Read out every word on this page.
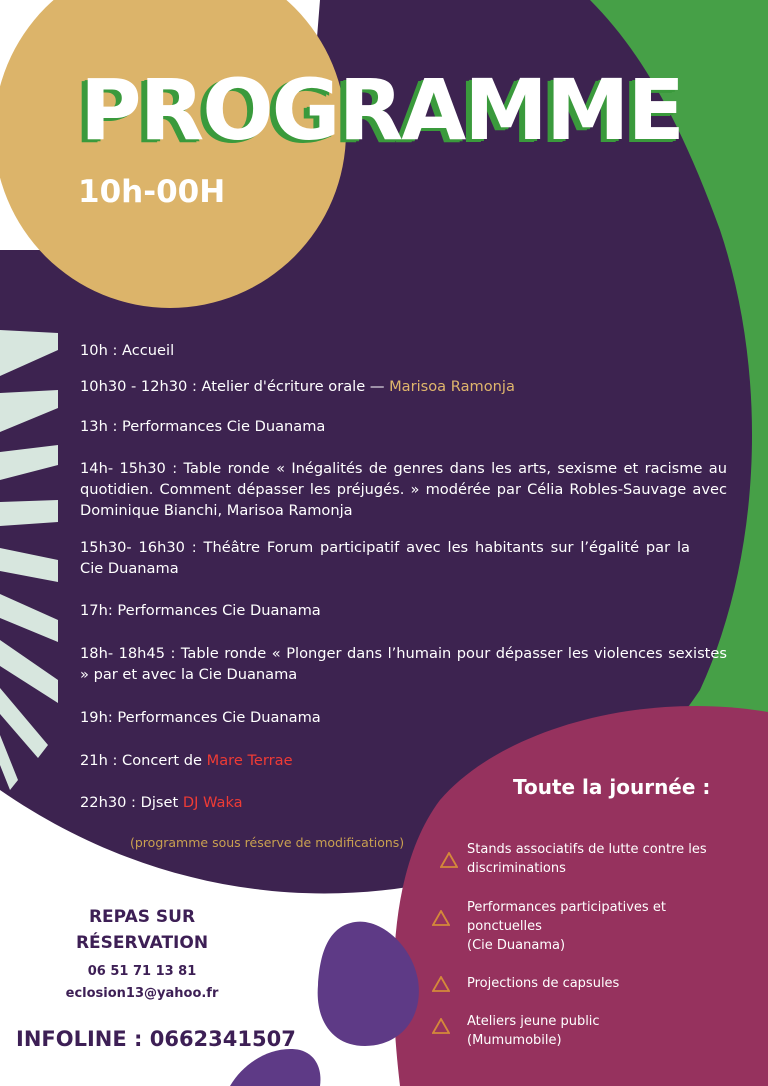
PROGRAMME
10h-00H
10h : Accueil
10h30 - 12h30 : Atelier d'écriture orale — Marisoa Ramonja
13h : Performances Cie Duanama
14h- 15h30 : Table ronde « Inégalités de genres dans les arts, sexisme et racisme au quotidien. Comment dépasser les préjugés. » modérée par Célia Robles-Sauvage avec Dominique Bianchi, Marisoa Ramonja
15h30- 16h30 : Théâtre Forum participatif avec les habitants sur l’égalité par la Cie Duanama
17h: Performances Cie Duanama
18h- 18h45 : Table ronde « Plonger dans l’humain pour dépasser les violences sexistes » par et avec la Cie Duanama
19h: Performances Cie Duanama
21h : Concert de Mare Terrae
22h30 : Djset DJ Waka
(programme sous réserve de modifications)
Toute la journée :
Stands associatifs de lutte contre les discriminations
Performances participatives et ponctuelles
(Cie Duanama)
Projections de capsules
Ateliers jeune public
(Mumumobile)
REPAS SUR
RÉSERVATION
06 51 71 13 81
eclosion13@yahoo.fr
INFOLINE : 0662341507
